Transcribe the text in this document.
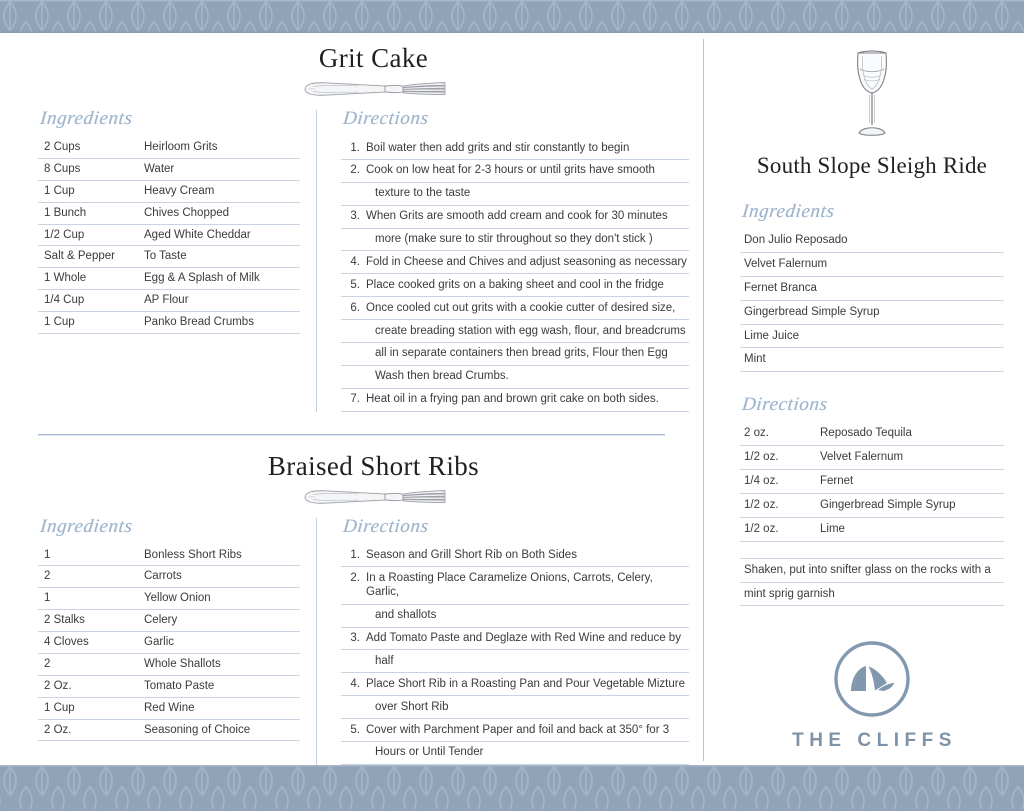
Grit Cake
Ingredients
2 Cups	Heirloom Grits
8 Cups	Water
1 Cup	Heavy Cream
1 Bunch	Chives Chopped
1/2 Cup	Aged White Cheddar
Salt & Pepper	To Taste
1 Whole	Egg & A Splash of Milk
1/4 Cup	AP Flour
1 Cup	Panko Bread Crumbs
Directions
1. Boil water then add grits and stir constantly to begin
2. Cook on low heat for 2-3 hours or until grits have smooth
texture to the taste
3. When Grits are smooth add cream and cook for 30 minutes
more (make sure to stir throughout so they don't stick )
4. Fold in Cheese and Chives and adjust seasoning as necessary
5. Place cooked grits on a baking sheet and cool in the fridge
6. Once cooled cut out grits with a cookie cutter of desired size,
create breading station with egg wash, flour, and breadcrums
all in separate containers then bread grits, Flour then Egg
Wash then bread Crumbs.
7. Heat oil in a frying pan and brown grit cake on both sides.
Braised Short Ribs
Ingredients
1	Bonless Short Ribs
2	Carrots
1	Yellow Onion
2 Stalks	Celery
4 Cloves	Garlic
2	Whole Shallots
2 Oz.	Tomato Paste
1 Cup	Red Wine
2 Oz.	Seasoning of Choice
Directions
1. Season and Grill Short Rib on Both Sides
2. In a Roasting Place Caramelize Onions, Carrots, Celery, Garlic,
and shallots
3. Add Tomato Paste and Deglaze with Red Wine and reduce by
half
4. Place Short Rib in a Roasting Pan and Pour Vegetable Mizture
over Short Rib
5. Cover with Parchment Paper and foil and back at 350° for 3
Hours or Until Tender
South Slope Sleigh Ride
Ingredients
Don Julio Reposado
Velvet Falernum
Fernet Branca
Gingerbread Simple Syrup
Lime Juice
Mint
Directions
2 oz.	Reposado Tequila
1/2 oz.	Velvet Falernum
1/4 oz.	Fernet
1/2 oz.	Gingerbread Simple Syrup
1/2 oz.	Lime
Shaken, put into snifter glass on the rocks with a
mint sprig garnish
THE CLIFFS
